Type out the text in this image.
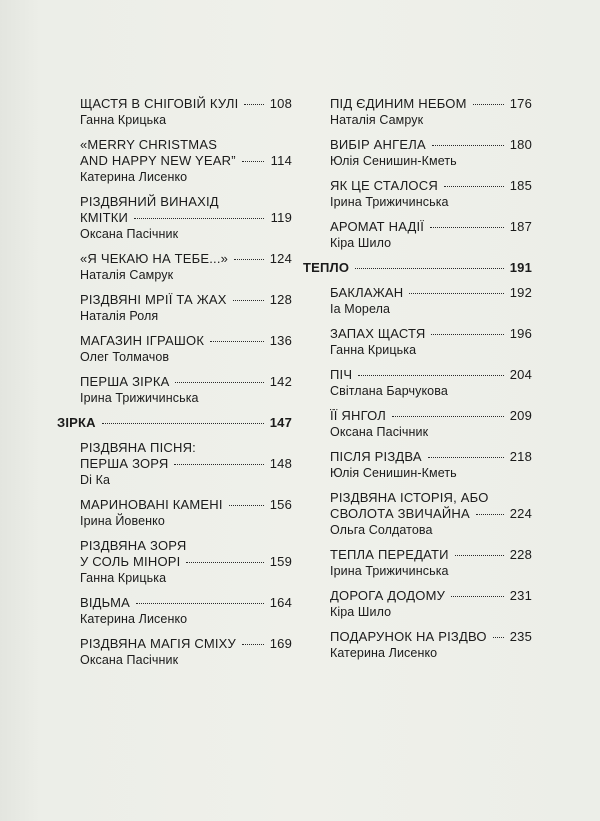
ЩАСТЯ В СНІГОВІЙ КУЛІ 108
Ганна Крицька
«MERRY CHRISTMAS
AND HAPPY NEW YEAR”	114
Катерина Лисенко
РІЗДВЯНИЙ ВИНАХІД
КМІТКИ	119
Оксана Пасічник
«Я ЧЕКАЮ НА ТЕБЕ...»	124
Наталія Самрук
РІЗДВЯНІ МРІЇ ТА ЖАХ	128
Наталія Роля
МАГАЗИН ІГРАШОК	136
Олег Толмачов
ПЕРША ЗІРКА	142
Ірина Трижичинська
ЗІРКА	147
РІЗДВЯНА ПІСНЯ:
ПЕРША ЗОРЯ	148
Di Ка
МАРИНОВАНІ КАМЕНІ	156
Ірина Йовенко
РІЗДВЯНА ЗОРЯ
У СОЛЬ МІНОРІ	159
Ганна Крицька
ВІДЬМА	164
Катерина Лисенко
РІЗДВЯНА МАГІЯ СМІХУ	169
Оксана Пасічник
ПІД ЄДИНИМ НЕБОМ	176
Наталія Самрук
ВИБІР АНГЕЛА	180
Юлія Сенишин-Кметь
ЯК ЦЕ СТАЛОСЯ	185
Ірина Трижичинська
АРОМАТ НАДІЇ	187
Кіра Шило
ТЕПЛО	191
БАКЛАЖАН	192
Іа Морела
ЗАПАХ ЩАСТЯ	196
Ганна Крицька
ПІЧ	204
Світлана Барчукова
ЇЇ ЯНГОЛ	209
Оксана Пасічник
ПІСЛЯ РІЗДВА	218
Юлія Сенишин-Кметь
РІЗДВЯНА ІСТОРІЯ, АБО
СВОЛОТА ЗВИЧАЙНА	224
Ольга Солдатова
ТЕПЛА ПЕРЕДАТИ	228
Ірина Трижичинська
ДОРОГА ДОДОМУ	231
Кіра Шило
ПОДАРУНОК НА РІЗДВО 235
Катерина Лисенко
